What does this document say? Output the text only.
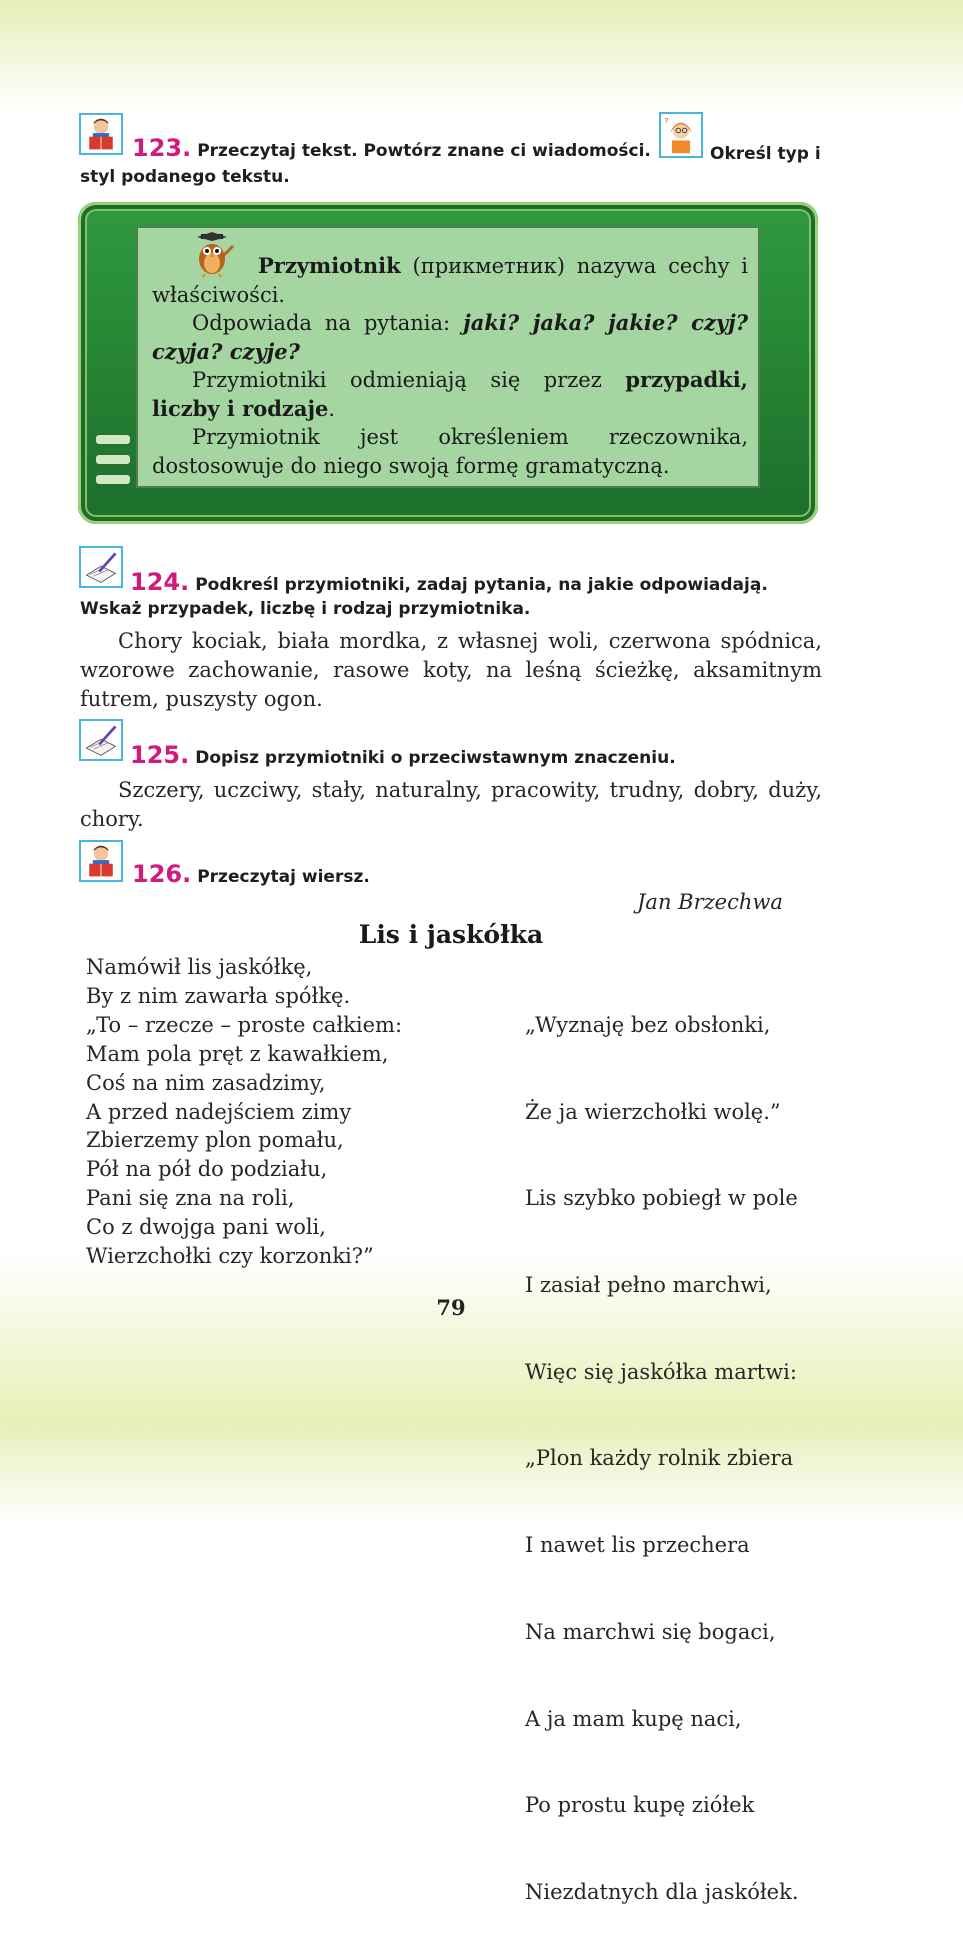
123. Przeczytaj tekst. Powtórz znane ci wiadomości.
?
Określ typ i
styl podanego tekstu.
Przymiotnik (прикметник) nazywa cechy i właściwości.
Odpowiada na pytania: jaki? jaka? jakie? czyj? czyja? czyje?
Przymiotniki odmieniają się przez przypadki, liczby i rodzaje.
Przymiotnik jest określeniem rzeczownika, dostosowuje do niego swoją formę gramatyczną.
124. Podkreśl przymiotniki, zadaj pytania, na jakie odpowiadają. Wskaż przypadek, liczbę i rodzaj przymiotnika.
Chory kociak, biała mordka, z własnej woli, czerwona spódnica, wzorowe zachowanie, rasowe koty, na leśną ścieżkę, aksamitnym futrem, puszysty ogon.
125. Dopisz przymiotniki o przeciwstawnym znaczeniu.
Szczery, uczciwy, stały, naturalny, pracowity, trudny, dobry, duży, chory.
126. Przeczytaj wiersz.
Jan Brzechwa
Lis i jaskółka
Namówił lis jaskółkę,
By z nim zawarła spółkę.
„To – rzecze – proste całkiem:
Mam pola pręt z kawałkiem,
Coś na nim zasadzimy,
A przed nadejściem zimy
Zbierzemy plon pomału,
Pół na pół do podziału,
Pani się zna na roli,
Co z dwojga pani woli,
Wierzchołki czy korzonki?”

„Wyznaję bez obsłonki,

Że ja wierzchołki wolę.”

Lis szybko pobiegł w pole

I zasiał pełno marchwi,

Więc się jaskółka martwi:

„Plon każdy rolnik zbiera

I nawet lis przechera

Na marchwi się bogaci,

A ja mam kupę naci,

Po prostu kupę ziółek

Niezdatnych dla jaskółek.

79
